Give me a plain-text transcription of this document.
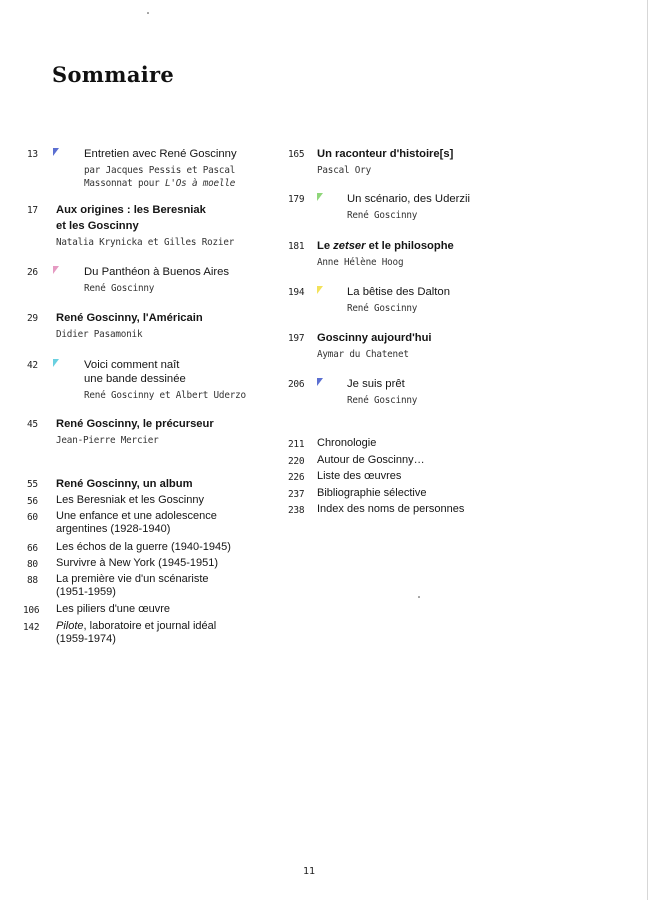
Sommaire
13	Entretien avec René Goscinny
par Jacques Pessis et Pascal
Massonnat pour L'Os à moelle
17 Aux origines : les Beresniak
et les Goscinny
Natalia Krynicka et Gilles Rozier
26	Du Panthéon à Buenos Aires
René Goscinny
29 René Goscinny, l'Américain
Didier Pasamonik
42	Voici comment naît
une bande dessinée
René Goscinny et Albert Uderzo
45 René Goscinny, le précurseur
Jean-Pierre Mercier
55 René Goscinny, un album
56 Les Beresniak et les Goscinny
60 Une enfance et une adolescence
argentines (1928-1940)
66 Les échos de la guerre (1940-1945)
80 Survivre à New York (1945-1951)
88 La première vie d'un scénariste
(1951-1959)
106 Les piliers d'une œuvre
142 Pilote, laboratoire et journal idéal
(1959-1974)
165 Un raconteur d'histoire[s]
Pascal Ory
179	Un scénario, des Uderzii
René Goscinny
181 Le zetser et le philosophe
Anne Hélène Hoog
194	La bêtise des Dalton
René Goscinny
197 Goscinny aujourd'hui
Aymar du Chatenet
206	Je suis prêt
René Goscinny
211 Chronologie
220 Autour de Goscinny…
226 Liste des œuvres
237 Bibliographie sélective
238 Index des noms de personnes
11
